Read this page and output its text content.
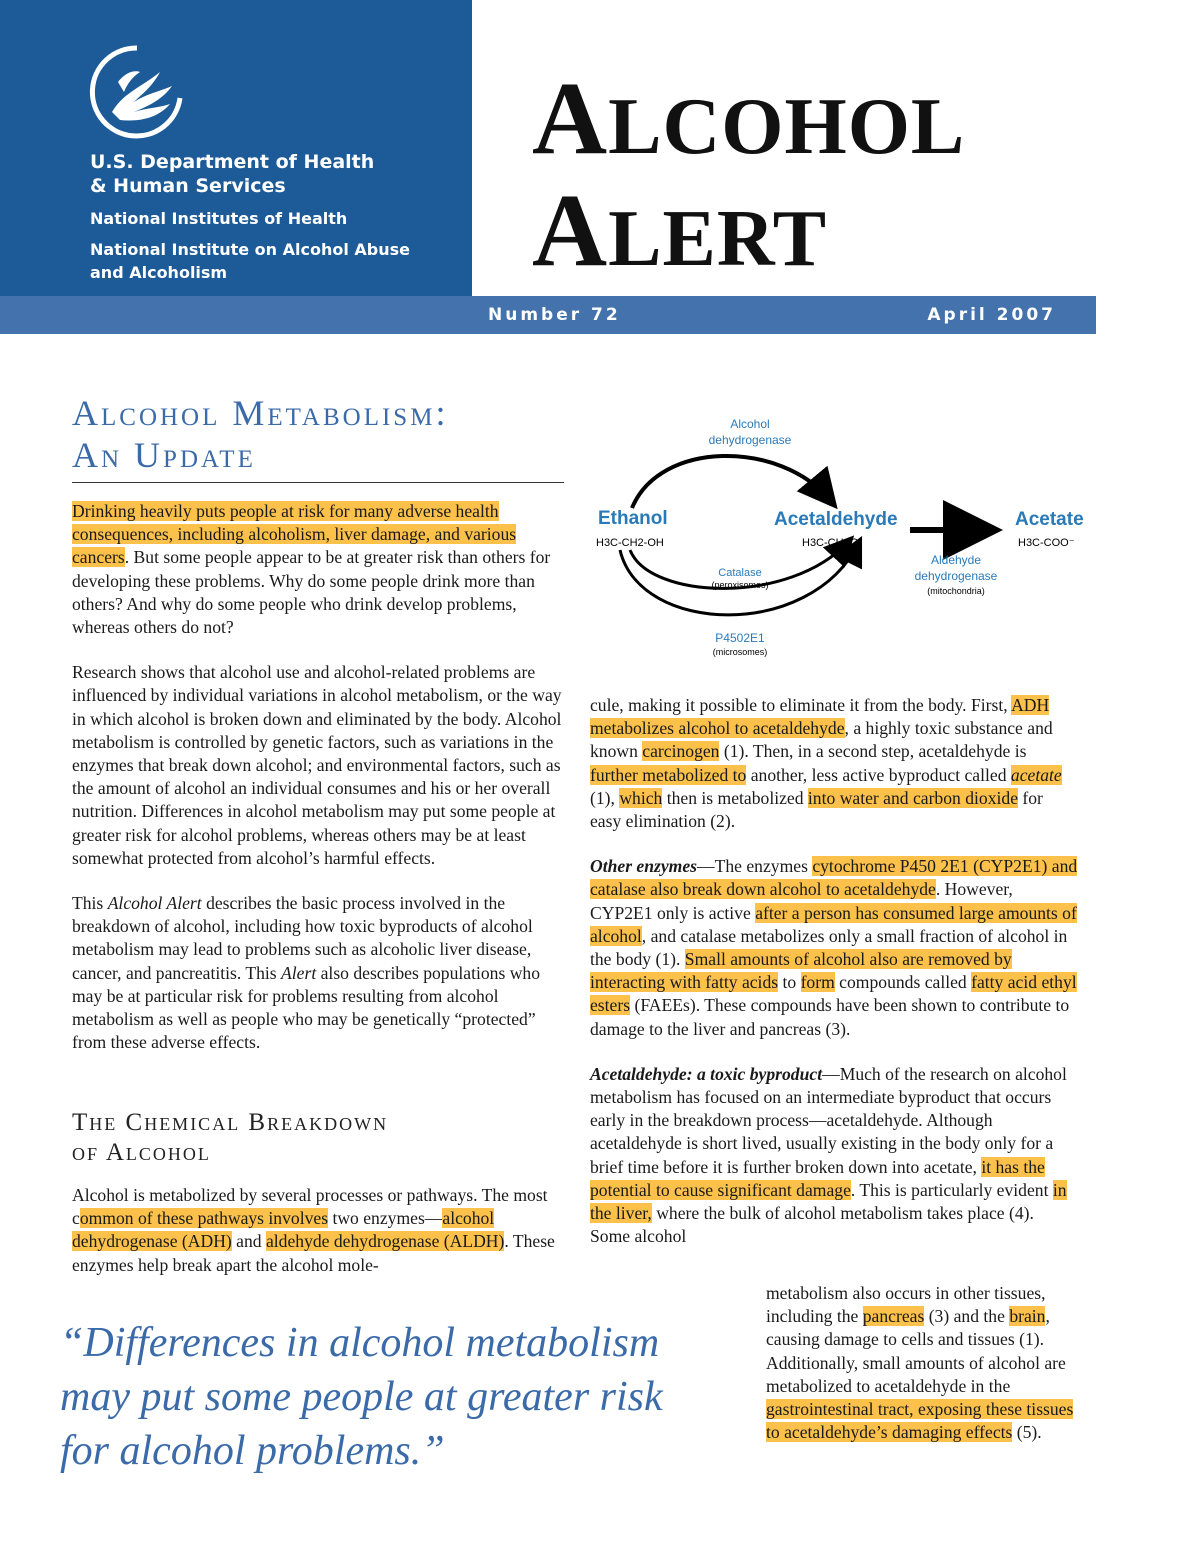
U.S. Department of Health
& Human Services
National Institutes of Health
National Institute on Alcohol Abuse
and Alcoholism
ALCOHOL
ALERT
Number 72	April 2007
Alcohol Metabolism:
An Update

Drinking heavily puts people at risk for many adverse health consequences, including alcoholism, liver damage, and various cancers. But some people appear to be at greater risk than others for developing these problems. Why do some people drink more than others? And why do some people who drink develop problems, whereas others do not?

Research shows that alcohol use and alcohol-related problems are influenced by individual variations in alcohol metabolism, or the way in which alcohol is broken down and eliminated by the body. Alcohol metabolism is controlled by genetic factors, such as variations in the enzymes that break down alcohol; and environmental factors, such as the amount of alcohol an individual consumes and his or her overall nutrition. Differences in alcohol metabolism may put some people at greater risk for alcohol problems, whereas others may be at least somewhat protected from alcohol’s harmful effects.

This Alcohol Alert describes the basic process involved in the breakdown of alcohol, including how toxic byproducts of alcohol metabolism may lead to problems such as alcoholic liver disease, cancer, and pancreatitis. This Alert also describes populations who may be at particular risk for problems resulting from alcohol metabolism as well as people who may be genetically “protected” from these adverse effects.

The Chemical Breakdown
of Alcohol

Alcohol is metabolized by several processes or pathways. The most common of these pathways involves two enzymes—alcohol dehydrogenase (ADH) and aldehyde dehydrogenase (ALDH). These enzymes help break apart the alcohol mole-

Alcohol
dehydrogenase
Ethanol
H3C-CH2-OH
Acetaldehyde
H3C-CH=O
Catalase
(peroxisomes)
P4502E1
(microsomes)
Acetate
H3C-COO⁻
Aldehyde
dehydrogenase
(mitochondria)

cule, making it possible to eliminate it from the body. First, ADH metabolizes alcohol to acetaldehyde, a highly toxic substance and known carcinogen (1). Then, in a second step, acetaldehyde is further metabolized to another, less active byproduct called acetate (1), which then is metabolized into water and carbon dioxide for easy elimination (2).

Other enzymes—The enzymes cytochrome P450 2E1 (CYP2E1) and catalase also break down alcohol to acetaldehyde. However, CYP2E1 only is active after a person has consumed large amounts of alcohol, and catalase metabolizes only a small fraction of alcohol in the body (1). Small amounts of alcohol also are removed by interacting with fatty acids to form compounds called fatty acid ethyl esters (FAEEs). These compounds have been shown to contribute to damage to the liver and pancreas (3).

Acetaldehyde: a toxic byproduct—Much of the research on alcohol metabolism has focused on an intermediate byproduct that occurs early in the breakdown process—acetaldehyde. Although acetaldehyde is short lived, usually existing in the body only for a brief time before it is further broken down into acetate, it has the potential to cause significant damage. This is particularly evident in the liver, where the bulk of alcohol metabolism takes place (4). Some alcohol

metabolism also occurs in other tissues, including the pancreas (3) and the brain, causing damage to cells and tissues (1). Additionally, small amounts of alcohol are metabolized to acetaldehyde in the gastrointestinal tract, exposing these tissues to acetaldehyde’s damaging effects (5).

“Differences in alcohol metabolism may put some people at greater risk for alcohol problems.”
